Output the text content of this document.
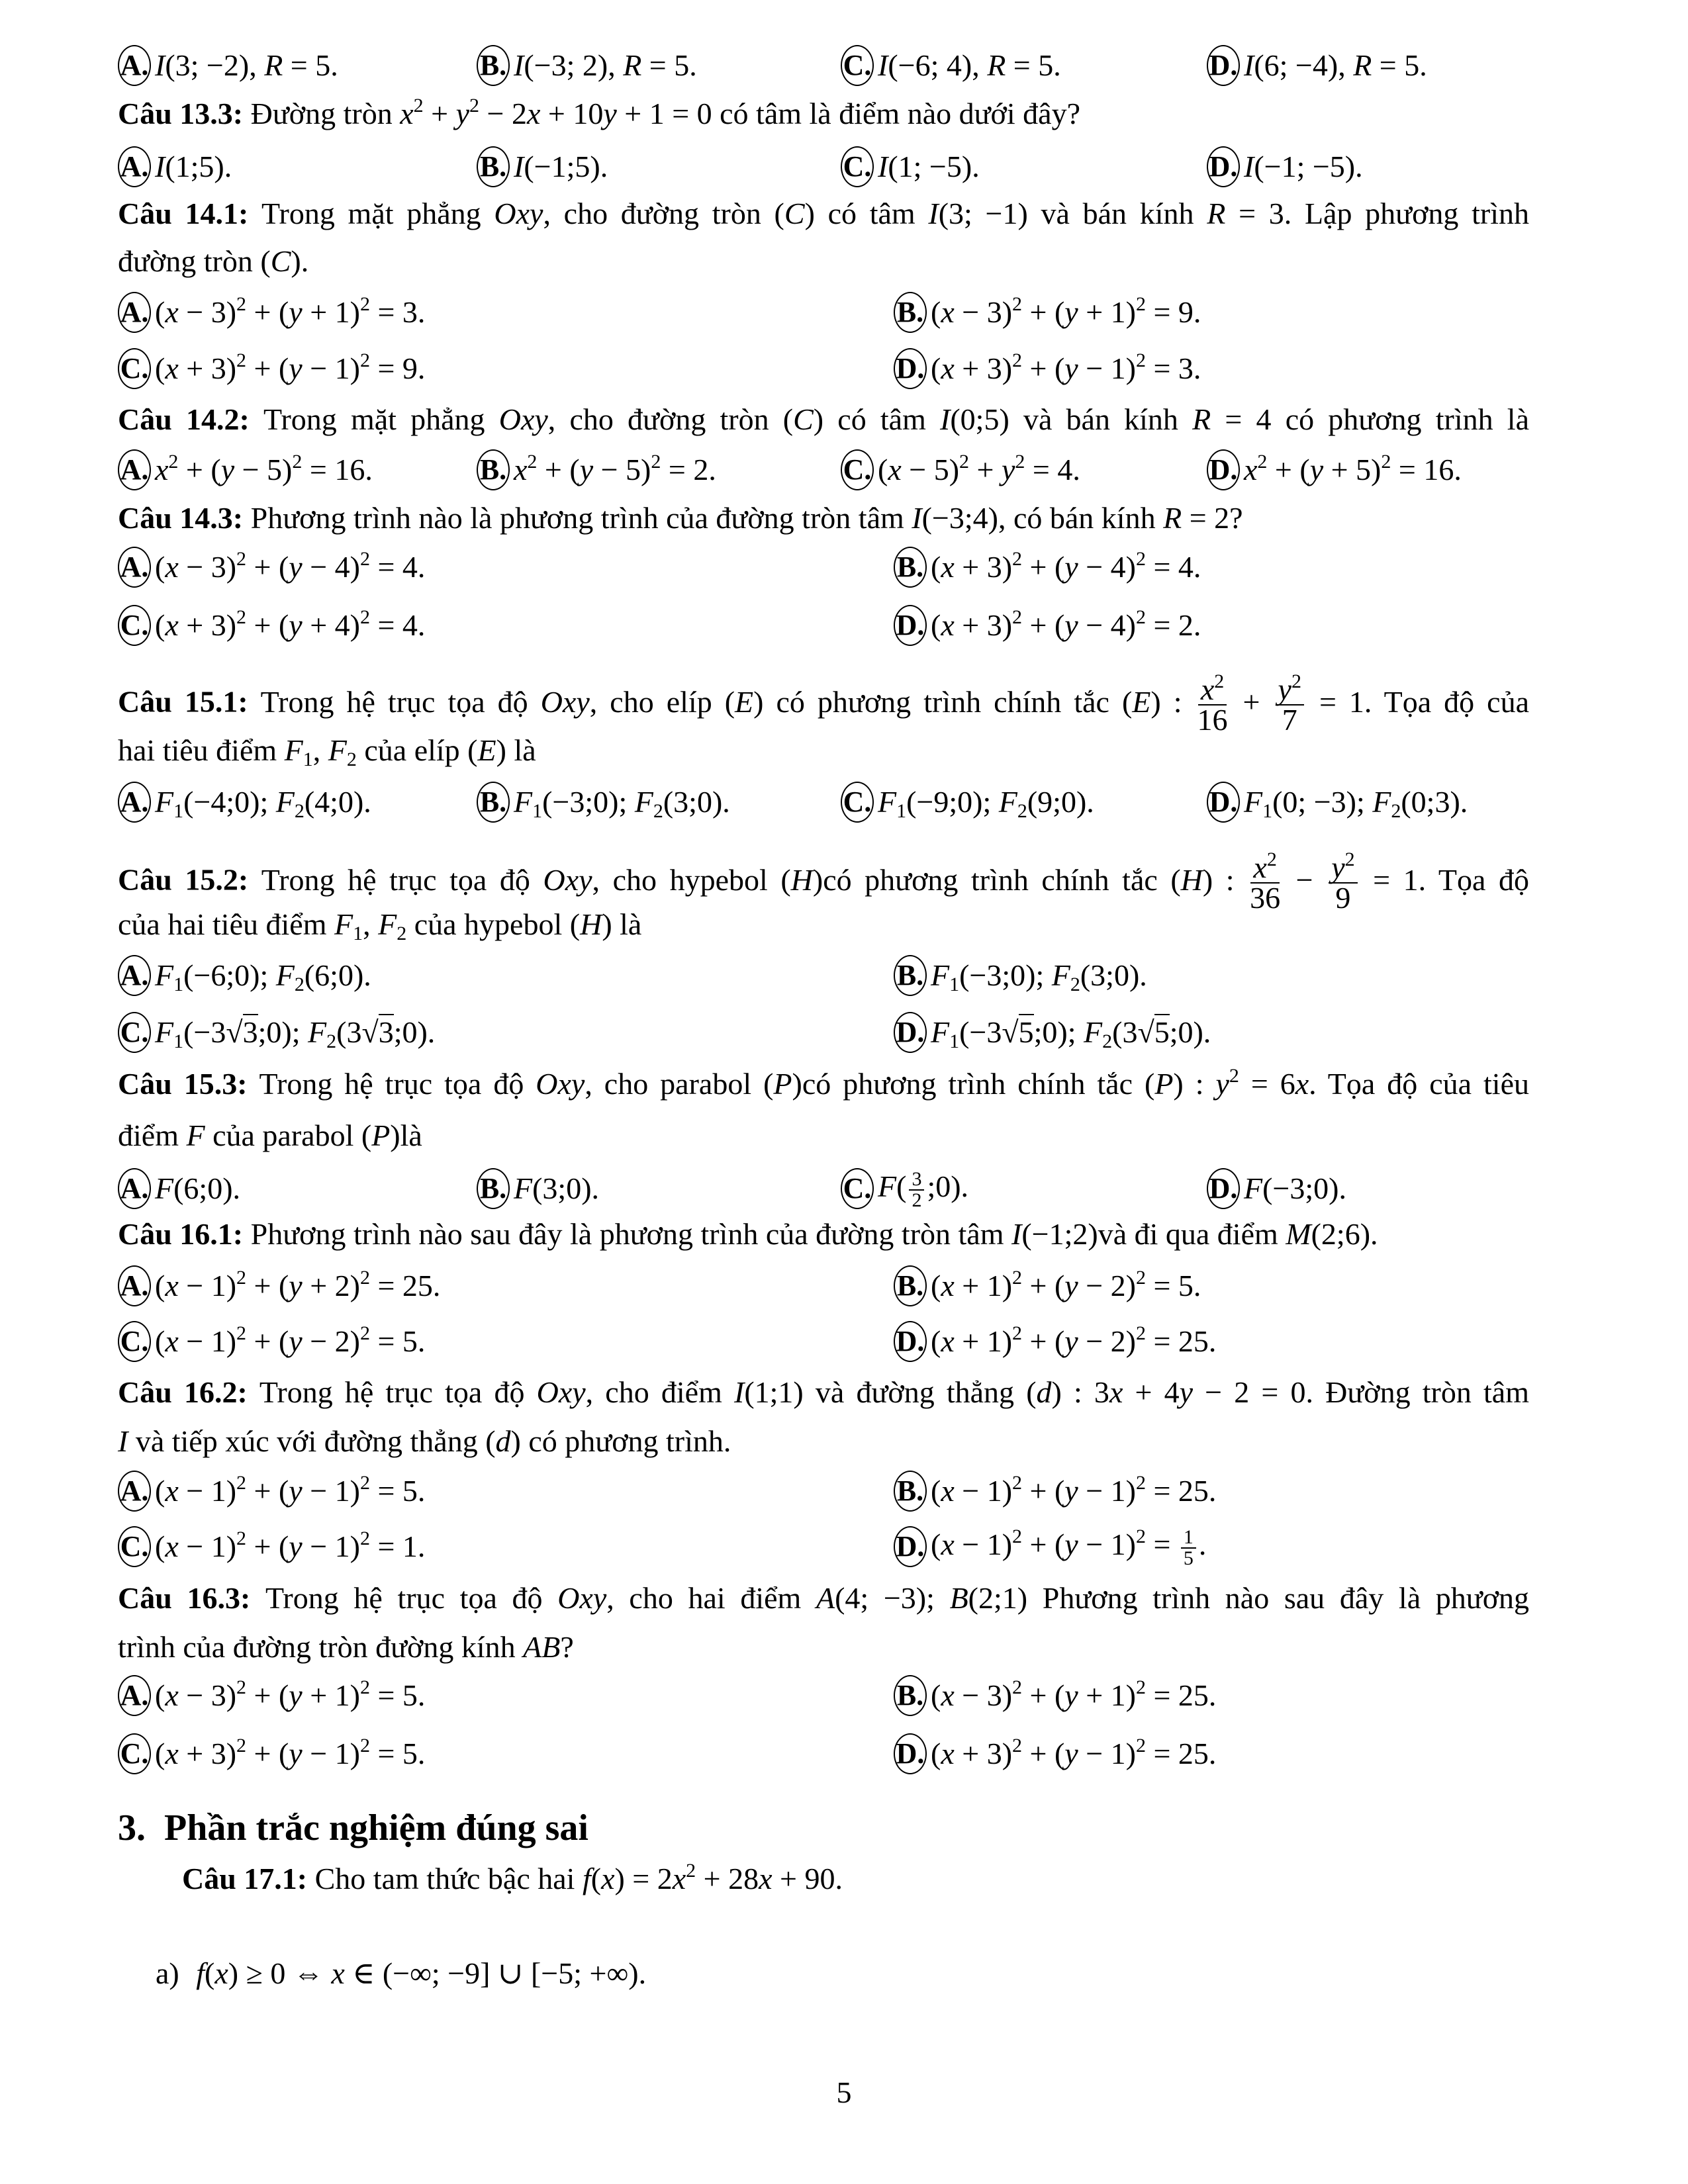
5
A. I(3; −2), R = 5.	B. I(−3; 2), R = 5.	C. I(−6; 4), R = 5.	D. I(6; −4), R = 5.
Câu 13.3: Đường tròn $x^2 + y^2 - 2x + 10y + 1 = 0$ có tâm là điểm nào dưới đây?
A. I(1;5).	B. I(−1;5).	C. I(1; −5).	D. I(−1; −5).
Câu 14.1: Trong mặt phẳng Oxy, cho đường tròn (C) có tâm I(3; −1) và bán kính R = 3. Lập phương trình
đường tròn (C).
A. $(x - 3)^2 + (y + 1)^2 = 3$.	B. $(x - 3)^2 + (y + 1)^2 = 9$.
C. $(x + 3)^2 + (y - 1)^2 = 9$.	D. $(x + 3)^2 + (y - 1)^2 = 3$.
Câu 14.2: Trong mặt phẳng Oxy, cho đường tròn (C) có tâm I(0;5) và bán kính R = 4 có phương trình là
A. $x^2 + (y - 5)^2 = 16$.	B. $x^2 + (y - 5)^2 = 2$.	C. $(x - 5)^2 + y^2 = 4$.	D. $x^2 + (y + 5)^2 = 16$.
Câu 14.3: Phương trình nào là phương trình của đường tròn tâm I(−3;4), có bán kính R = 2?
A. $(x - 3)^2 + (y - 4)^2 = 4$.	B. $(x + 3)^2 + (y - 4)^2 = 4$.
C. $(x + 3)^2 + (y + 4)^2 = 4$.	D. $(x + 3)^2 + (y - 4)^2 = 2$.
Câu 15.1: Trong hệ trục tọa độ Oxy, cho elíp (E) có phương trình chính tắc (E) : $\frac{x^2}{16} + \frac{y^2}{7} = 1$. Tọa độ của
hai tiêu điểm $F_1$, $F_2$ của elíp (E) là
A. $F_1(-4;0)$; $F_2(4;0)$.	B. $F_1(-3;0)$; $F_2(3;0)$.	C. $F_1(-9;0)$; $F_2(9;0)$.	D. $F_1(0$; −3); $F_2(0;3)$.
Câu 15.2: Trong hệ trục tọa độ Oxy, cho hypebol (H)có phương trình chính tắc (H) : $\frac{x^2}{36} - \frac{y^2}{9} = 1$. Tọa độ
của hai tiêu điểm $F_1$, $F_2$ của hypebol (H) là
A. $F_1(-6;0)$; $F_2(6;0)$.	B. $F_1(-3;0)$; $F_2(3;0)$.
C. $F_1(-3√3;0)$; $F_2(3√3;0)$.	D. $F_1(-3√5;0)$; $F_2(3√5;0)$.
Câu 15.3: Trong hệ trục tọa độ Oxy, cho parabol (P)có phương trình chính tắc (P) : $y^2 = 6x$. Tọa độ của tiêu
điểm F của parabol (P)là
A. F(6;0).	B. F(3;0).	C. $F( \frac{3}{2}$ ;0).	D. F(−3;0).
Câu 16.1: Phương trình nào sau đây là phương trình của đường tròn tâm I(−1;2)và đi qua điểm M(2;6).
A. $(x - 1)^2 + (y + 2)^2 = 25$.	B. $(x + 1)^2 + (y - 2)^2 = 5$.
C. $(x - 1)^2 + (y - 2)^2 = 5$.	D. $(x + 1)^2 + (y - 2)^2 = 25$.
Câu 16.2: Trong hệ trục tọa độ Oxy, cho điểm I(1;1) và đường thẳng (d) : 3x + 4y − 2 = 0. Đường tròn tâm
I và tiếp xúc với đường thẳng (d) có phương trình.
A. $(x - 1)^2 + (y - 1)^2 = 5$.	B. $(x - 1)^2 + (y - 1)^2 = 25$.
C. $(x - 1)^2 + (y - 1)^2 = 1$.	D. $(x - 1)^2 + (y - 1)^2 = \frac{1}{5}$ .
Câu 16.3: Trong hệ trục tọa độ Oxy, cho hai điểm A(4; −3); B(2;1) Phương trình nào sau đây là phương
trình của đường tròn đường kính AB?
A. $(x - 3)^2 + (y + 1)^2 = 5$.	B. $(x - 3)^2 + (y + 1)^2 = 25$.
C. $(x + 3)^2 + (y - 1)^2 = 5$.	D. $(x + 3)^2 + (y - 1)^2 = 25$.
3.  Phần trắc nghiệm đúng sai
Câu 17.1: Cho tam thức bậc hai $f(x) = 2x^2 + 28x + 90$.
a) f(x) ≥ 0 ⇔ x ∈ (−∞; −9] ∪ [−5; +∞).
